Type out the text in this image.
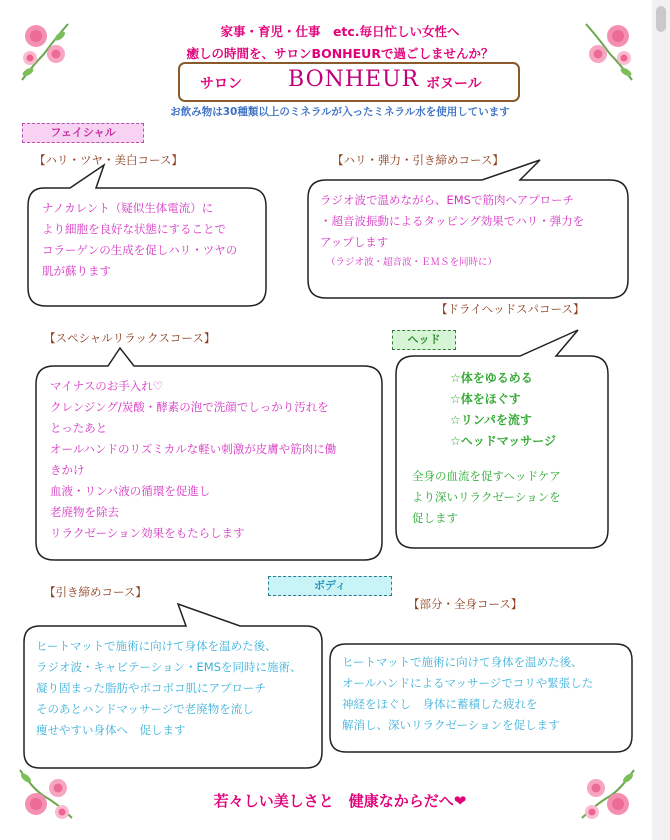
家事・育児・仕事　etc.毎日忙しい女性へ
癒しの時間を、サロンBONHEURで過ごしませんか？
サロン BONHEUR ボヌール
お飲み物は30種類以上のミネラルが入ったミネラル水を使用しています
フェイシャル
ヘッド
ボディ
【ハリ・ツヤ・美白コース】	【ハリ・弾力・引き締めコース】
【スペシャルリラックスコース】
【ドライヘッドスパコース】
【引き締めコース】
【部分・全身コース】
ナノカレント（疑似生体電流）に
より細胞を良好な状態にすることで
コラーゲンの生成を促しハリ・ツヤの
肌が蘇ります
ラジオ波で温めながら、EMSで筋肉へアプローチ
・超音波振動によるタッピング効果でハリ・弾力を
アップします
（ラジオ波・超音波・ＥＭＳを同時に）
マイナスのお手入れ♡
クレンジング/炭酸・酵素の泡で洗顔でしっかり汚れを
とったあと
オールハンドのリズミカルな軽い刺激が皮膚や筋肉に働
きかけ
血液・リンパ液の循環を促進し
老廃物を除去
リラクゼーション効果をもたらします
☆体をゆるめる
☆体をほぐす
☆リンパを流す
☆ヘッドマッサージ
全身の血流を促すヘッドケア
より深いリラクゼーションを
促します
ヒートマットで施術に向けて身体を温めた後、
ラジオ波・キャビテーション・EMSを同時に施術、
凝り固まった脂肪やボコボコ肌にアプローチ
そのあとハンドマッサージで老廃物を流し
痩せやすい身体へ　促します
ヒートマットで施術に向けて身体を温めた後、
オールハンドによるマッサージでコリや緊張した
神経をほぐし　身体に蓄積した疲れを
解消し、深いリラクゼーションを促します
若々しい美しさと　健康なからだへ❤
